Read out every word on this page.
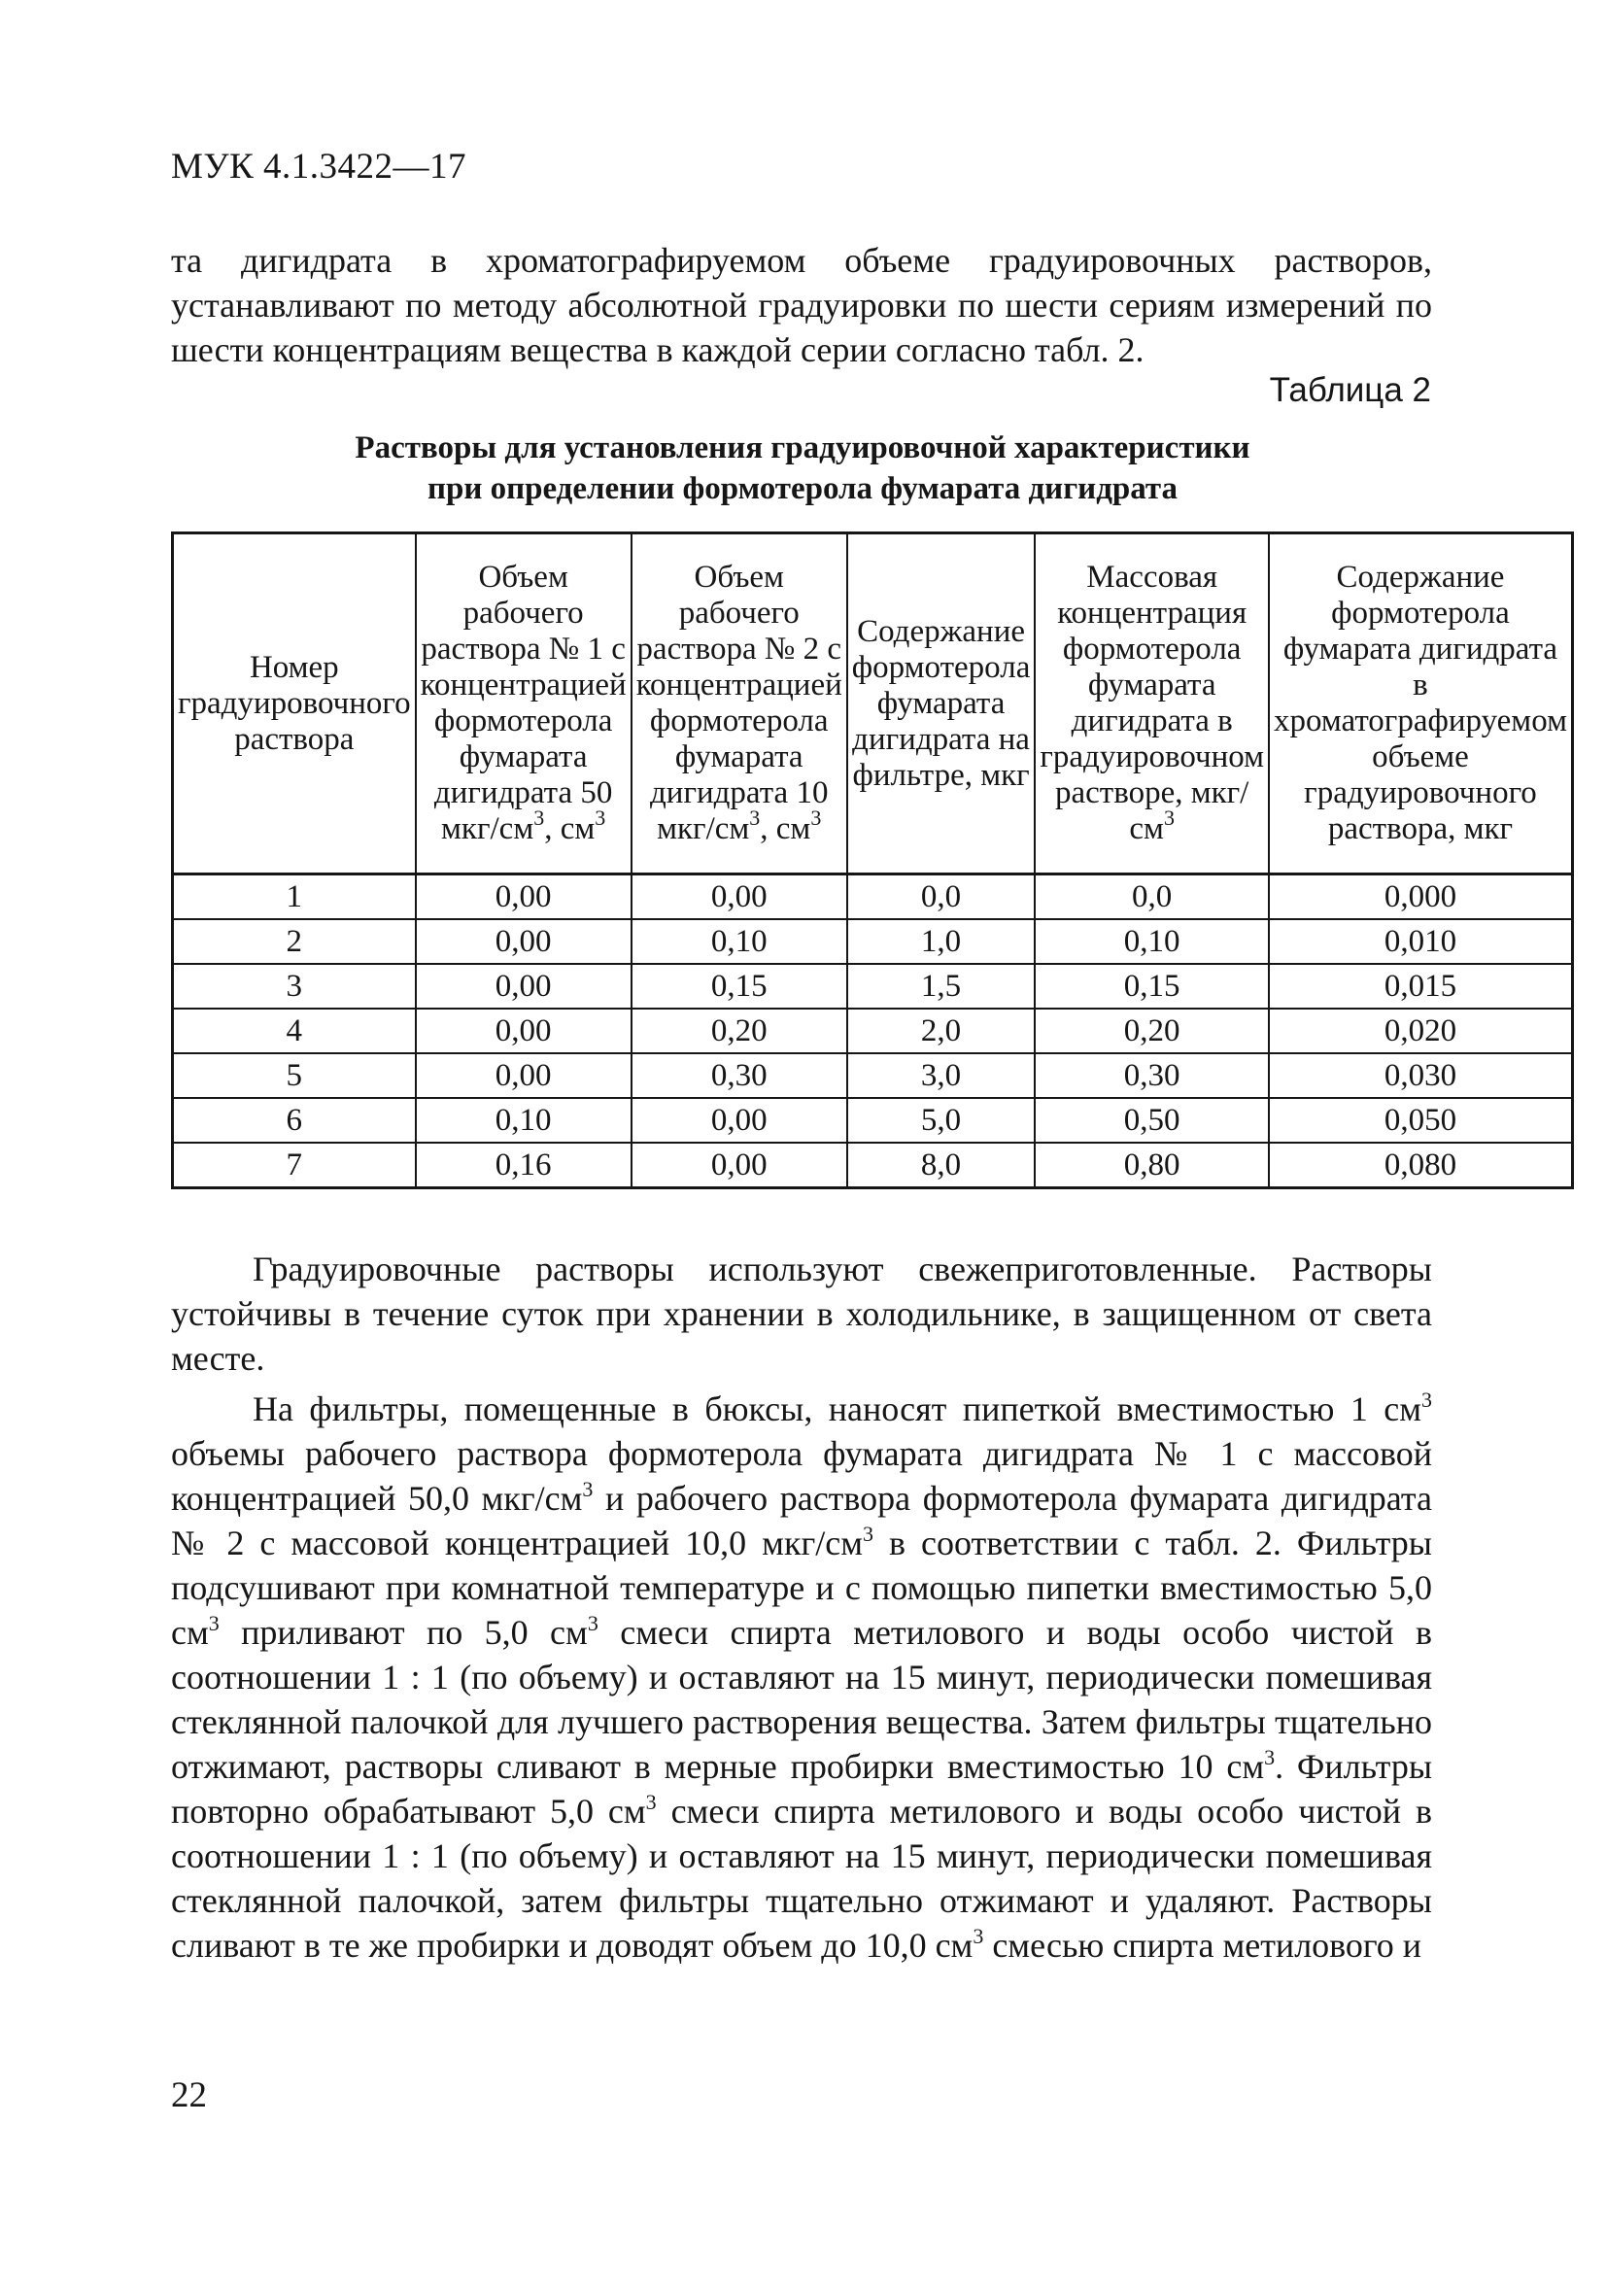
МУК 4.1.3422—17

та дигидрата в хроматографируемом объеме градуировочных растворов, устанавливают по методу абсолютной градуировки по шести сериям измерений по шести концентрациям вещества в каждой серии согласно табл. 2.

Таблица 2
Растворы для установления градуировочной характеристики
при определении формотерола фумарата дигидрата
Номер градуировочного раствора	Объем рабочего раствора № 1 с концентрацией формотерола фумарата дигидрата 50 мкг/$см^3$, $см^3$	Объем рабочего раствора № 2 с концентрацией формотерола фумарата дигидрата 10 мкг/$см^3$, $см^3$	Содержание формотерола фумарата дигидрата на фильтре, мкг	Массовая концентрация формотерола фумарата дигидрата в градуировочном растворе, мкг/$см^3$	Содержание формотерола фумарата дигидрата в хроматографируемом объеме градуировочного раствора, мкг
1	0,00	0,00	0,0	0,0	0,000
2	0,00	0,10	1,0	0,10	0,010
3	0,00	0,15	1,5	0,15	0,015
4	0,00	0,20	2,0	0,20	0,020
5	0,00	0,30	3,0	0,30	0,030
6	0,10	0,00	5,0	0,50	0,050
7	0,16	0,00	8,0	0,80	0,080

Градуировочные растворы используют свежеприготовленные. Растворы устойчивы в течение суток при хранении в холодильнике, в защищенном от света месте.

На фильтры, помещенные в бюксы, наносят пипеткой вместимостью 1 $см^3$ объемы рабочего раствора формотерола фумарата дигидрата № 1 с массовой концентрацией 50,0 мкг/$см^3$ и рабочего раствора формотерола фумарата дигидрата № 2 с массовой концентрацией 10,0 мкг/$см^3$ в соответствии с табл. 2. Фильтры подсушивают при комнатной температуре и с помощью пипетки вместимостью 5,0 $см^3$ приливают по 5,0 $см^3$ смеси спирта метилового и воды особо чистой в соотношении 1 : 1 (по объему) и оставляют на 15 минут, периодически помешивая стеклянной палочкой для лучшего растворения вещества. Затем фильтры тщательно отжимают, растворы сливают в мерные пробирки вместимостью 10 $см^3$. Фильтры повторно обрабатывают 5,0 $см^3$ смеси спирта метилового и воды особо чистой в соотношении 1 : 1 (по объему) и оставляют на 15 минут, периодически помешивая стеклянной палочкой, затем фильтры тщательно отжимают и удаляют. Растворы сливают в те же пробирки и доводят объем до 10,0 $см^3$ смесью спирта метилового и

22
